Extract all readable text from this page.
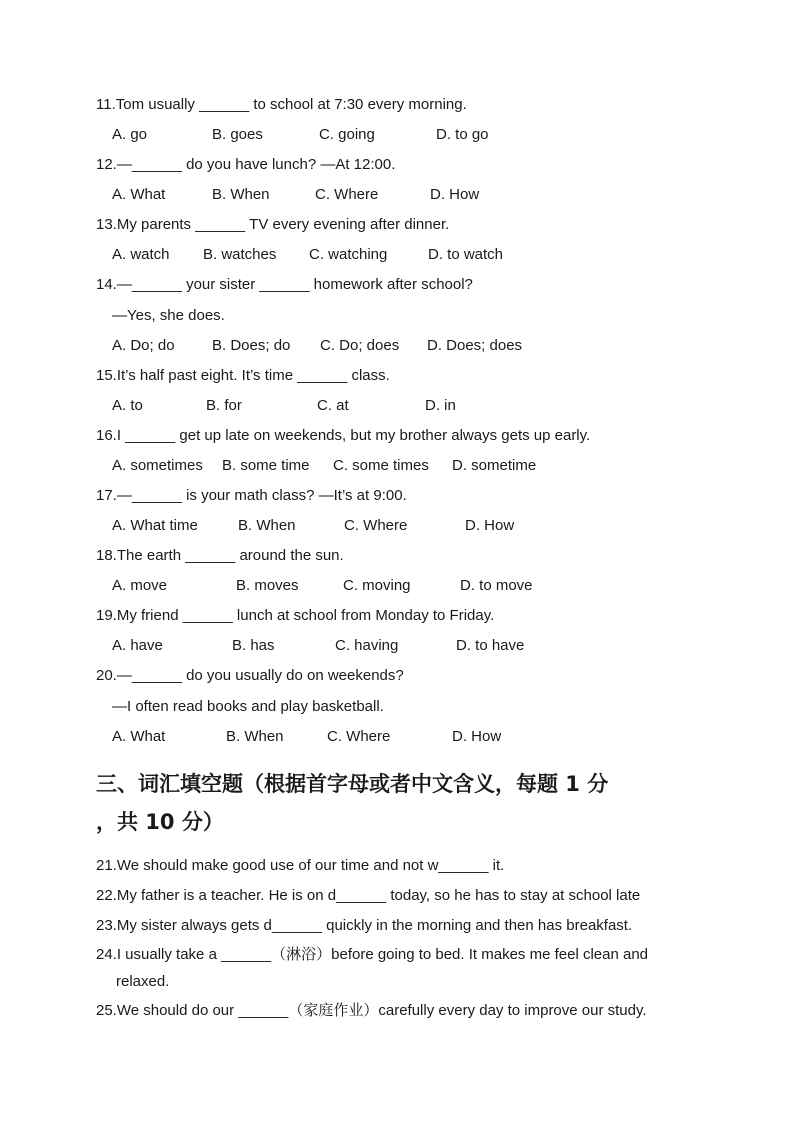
11.Tom usually ______ to school at 7:30 every morning.
A. go	B. goes	C. going	D. to go
12.—______ do you have lunch? —At 12:00.
A. What	B. When	C. Where	D. How
13.My parents ______ TV every evening after dinner.
A. watch B. watches C. watching	D. to watch
14.—______ your sister ______ homework after school?
—Yes, she does.
A. Do; do B. Does; do C. Do; does D. Does; does
15.It’s half past eight. It’s time ______ class.
A. to	B. for	C. at	D. in
16.I ______ get up late on weekends, but my brother always gets up early.
A. sometimes B. some time C. some times D. sometime
17.—______ is your math class? —It’s at 9:00.
A. What time	B. When	C. Where	D. How
18.The earth ______ around the sun.
A. move	B. moves	C. moving	D. to move
19.My friend ______ lunch at school from Monday to Friday.
A. have	B. has	C. having	D. to have
20.—______ do you usually do on weekends?
—I often read books and play basketball.
A. What	B. When	C. Where	D. How
三、词汇填空题（根据首字母或者中文含义，每题 1 分
，共 10 分）
21.We should make good use of our time and not w______ it.
22.My father is a teacher. He is on d______ today, so he has to stay at school late
23.My sister always gets d______ quickly in the morning and then has breakfast.
24.I usually take a ______（淋浴）before going to bed. It makes me feel clean and
relaxed.
25.We should do our ______（家庭作业）carefully every day to improve our study.
